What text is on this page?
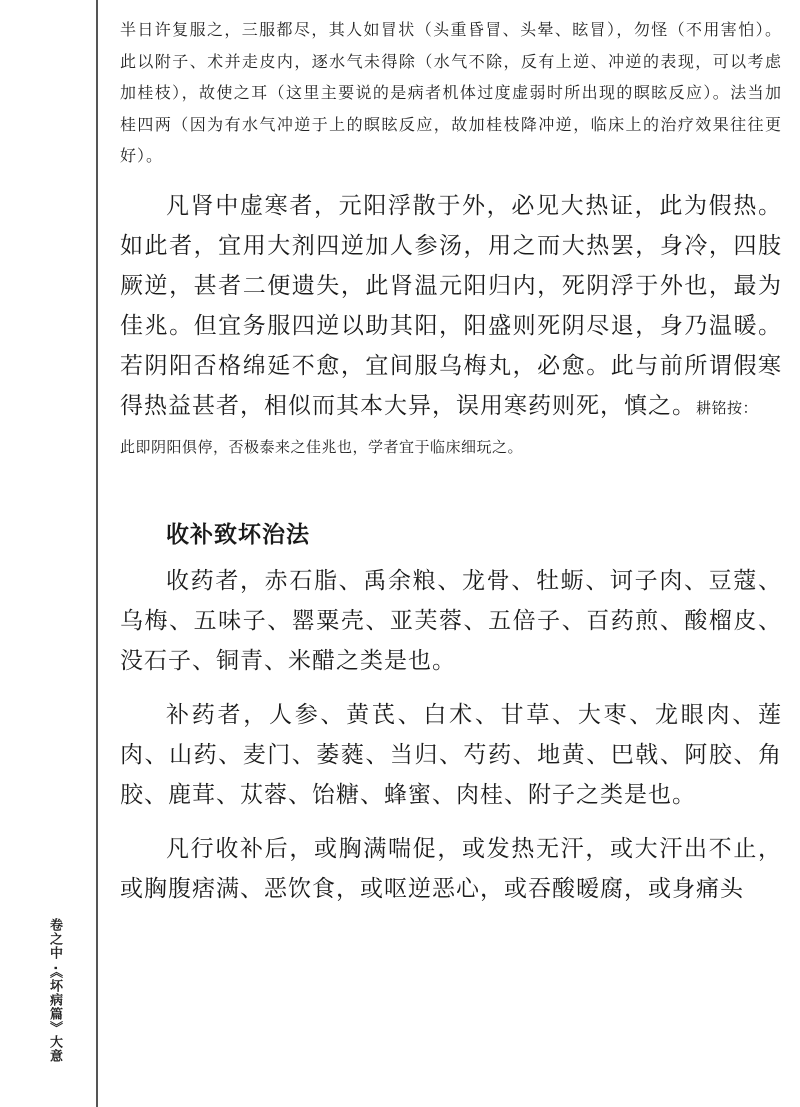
卷之中 ·《坏病篇》大意

半日许复服之，三服都尽，其人如冒状（头重昏冒、头晕、眩冒），勿怪（不用害怕）。此以附子、术并走皮内，逐水气未得除（水气不除，反有上逆、冲逆的表现，可以考虑加桂枝），故使之耳（这里主要说的是病者机体过度虚弱时所出现的瞑眩反应）。法当加桂四两（因为有水气冲逆于上的瞑眩反应，故加桂枝降冲逆，临床上的治疗效果往往更好）。

凡肾中虚寒者，元阳浮散于外，必见大热证，此为假热。如此者，宜用大剂四逆加人参汤，用之而大热罢，身冷，四肢厥逆，甚者二便遗失，此肾温元阳归内，死阴浮于外也，最为佳兆。但宜务服四逆以助其阳，阳盛则死阴尽退，身乃温暖。若阴阳否格绵延不愈，宜间服乌梅丸，必愈。此与前所谓假寒得热益甚者，相似而其本大异，误用寒药则死，慎之。耕铭按：

此即阴阳俱停，否极泰来之佳兆也，学者宜于临床细玩之。

收补致坏治法

收药者，赤石脂、禹余粮、龙骨、牡蛎、诃子肉、豆蔻、乌梅、五味子、罂粟壳、亚芙蓉、五倍子、百药煎、酸榴皮、没石子、铜青、米醋之类是也。

补药者，人参、黄芪、白术、甘草、大枣、龙眼肉、莲肉、山药、麦门、萎蕤、当归、芍药、地黄、巴戟、阿胶、角胶、鹿茸、苁蓉、饴糖、蜂蜜、肉桂、附子之类是也。

凡行收补后，或胸满喘促，或发热无汗，或大汗出不止，或胸腹痞满、恶饮食，或呕逆恶心，或吞酸暧腐，或身痛头
